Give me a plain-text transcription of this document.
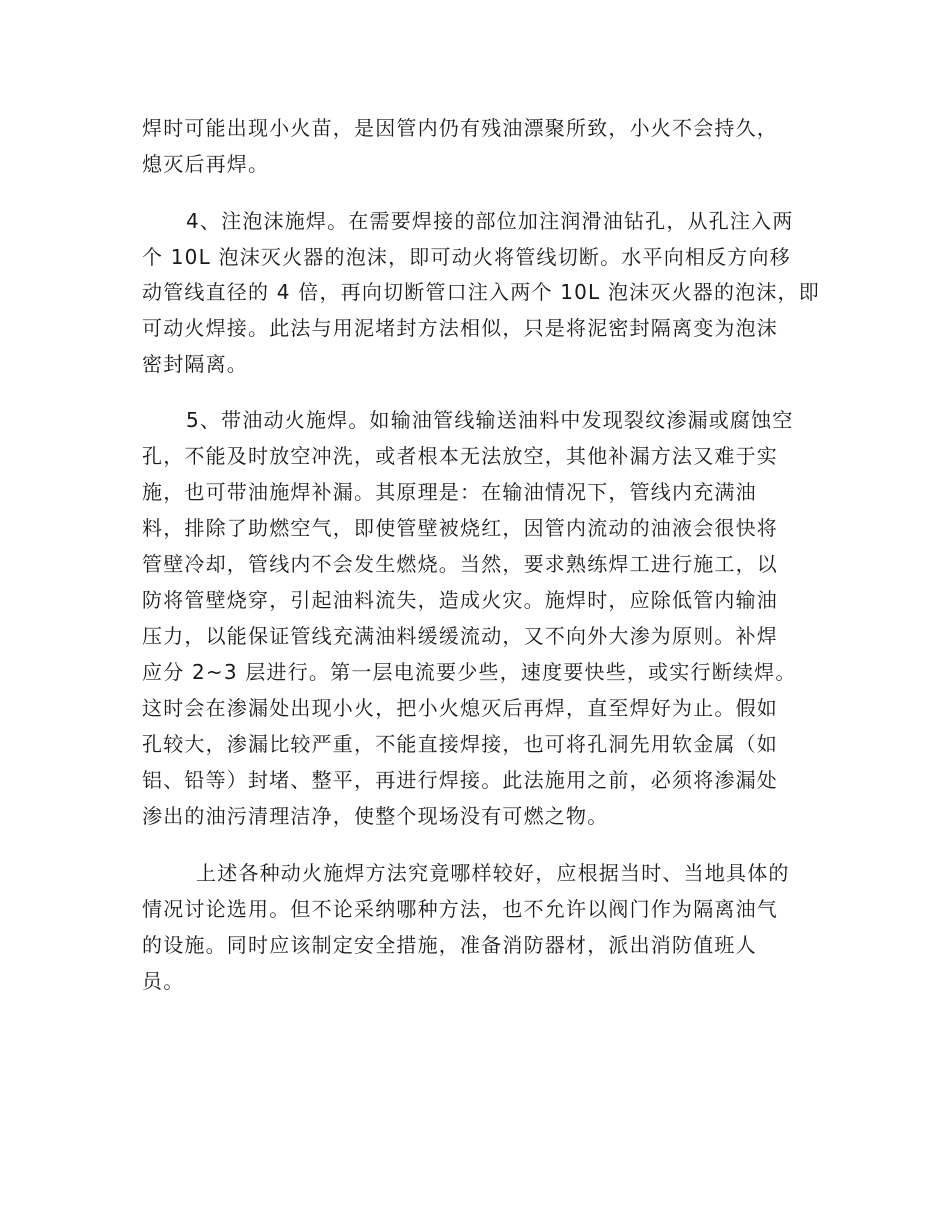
焊时可能出现小火苗，是因管内仍有残油漂聚所致，小火不会持久，
熄灭后再焊。
4、注泡沫施焊。在需要焊接的部位加注润滑油钻孔，从孔注入两
个 10L 泡沫灭火器的泡沫，即可动火将管线切断。水平向相反方向移
动管线直径的 4 倍，再向切断管口注入两个 10L 泡沫灭火器的泡沫，即
可动火焊接。此法与用泥堵封方法相似，只是将泥密封隔离变为泡沫
密封隔离。
5、带油动火施焊。如输油管线输送油料中发现裂纹渗漏或腐蚀空
孔，不能及时放空冲洗，或者根本无法放空，其他补漏方法又难于实
施，也可带油施焊补漏。其原理是：在输油情况下，管线内充满油
料，排除了助燃空气，即使管壁被烧红，因管内流动的油液会很快将
管壁冷却，管线内不会发生燃烧。当然，要求熟练焊工进行施工，以
防将管壁烧穿，引起油料流失，造成火灾。施焊时，应除低管内输油
压力，以能保证管线充满油料缓缓流动，又不向外大渗为原则。补焊
应分 2~3 层进行。第一层电流要少些，速度要快些，或实行断续焊。
这时会在渗漏处出现小火，把小火熄灭后再焊，直至焊好为止。假如
孔较大，渗漏比较严重，不能直接焊接，也可将孔洞先用软金属（如
铝、铅等）封堵、整平，再进行焊接。此法施用之前，必须将渗漏处
渗出的油污清理洁净，使整个现场没有可燃之物。
上述各种动火施焊方法究竟哪样较好，应根据当时、当地具体的
情况讨论选用。但不论采纳哪种方法，也不允许以阀门作为隔离油气
的设施。同时应该制定安全措施，准备消防器材，派出消防值班人
员。
